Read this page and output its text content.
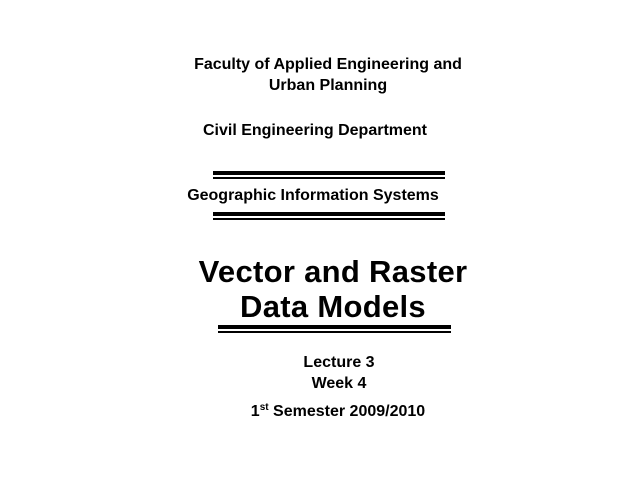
Faculty of Applied Engineering and
Urban Planning
Civil Engineering Department
Geographic Information Systems
Vector and Raster
Data Models
Lecture 3
Week 4
1st Semester 2009/2010
